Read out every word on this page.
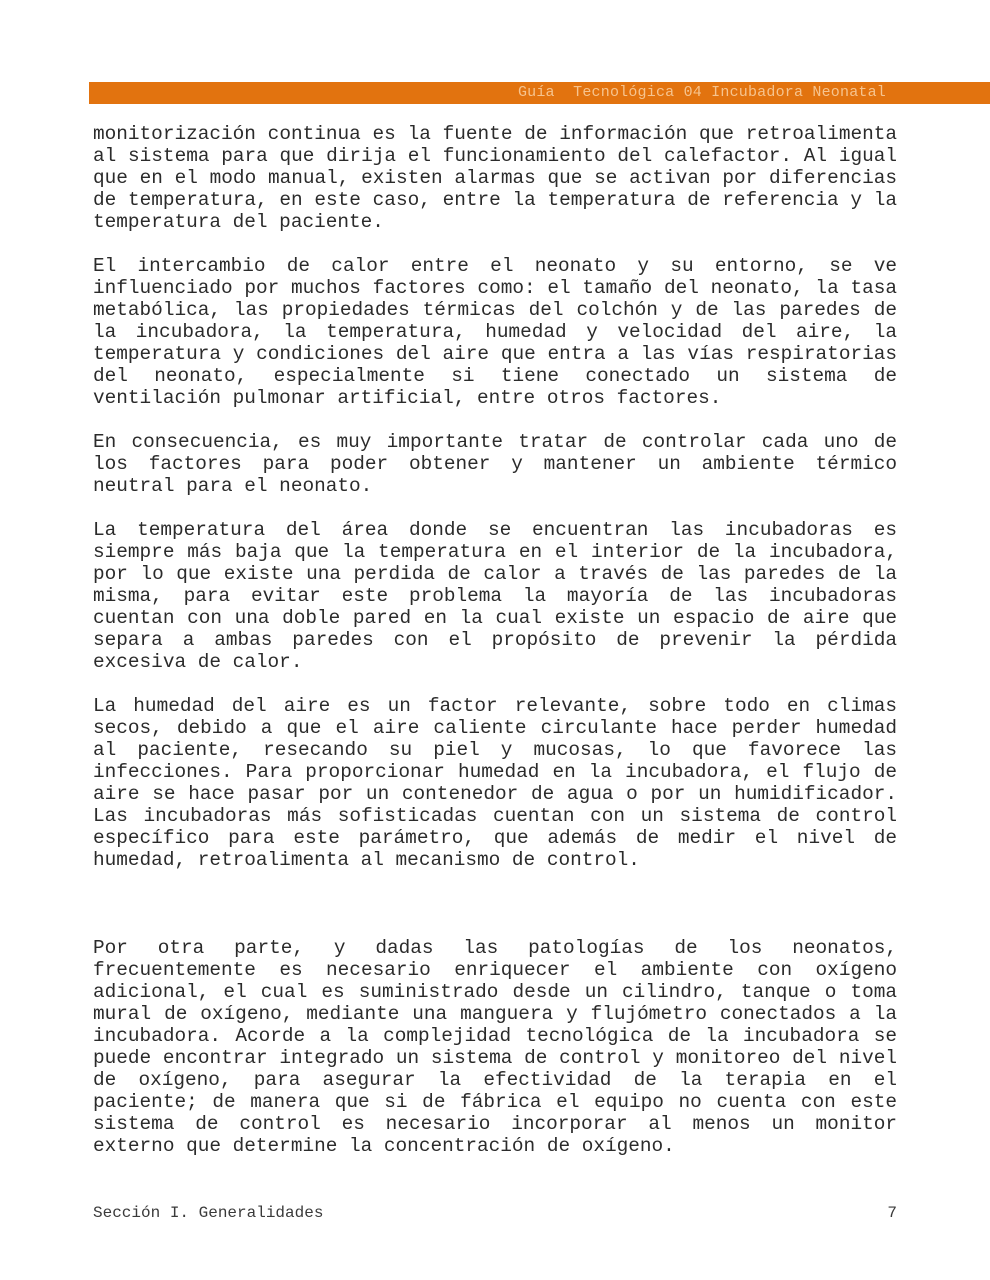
Guía  Tecnológica 04 Incubadora Neonatal

monitorización continua es la fuente de información que retroalimenta
al sistema para que dirija el funcionamiento del calefactor. Al igual
que en el modo manual, existen alarmas que se activan por diferencias
de temperatura, en este caso, entre la temperatura de referencia y la
temperatura del paciente.

El intercambio de calor entre el neonato y su entorno, se ve
influenciado por muchos factores como: el tamaño del neonato, la tasa
metabólica, las propiedades térmicas del colchón y de las paredes de
la incubadora, la temperatura, humedad y velocidad del aire, la
temperatura y condiciones del aire que entra a las vías respiratorias
del neonato, especialmente si tiene conectado un sistema de
ventilación pulmonar artificial, entre otros factores.

En consecuencia, es muy importante tratar de controlar cada uno de
los factores para poder obtener y mantener un ambiente térmico
neutral para el neonato.

La temperatura del área donde se encuentran las incubadoras es
siempre más baja que la temperatura en el interior de la incubadora,
por lo que existe una perdida de calor a través de las paredes de la
misma, para evitar este problema la mayoría de las incubadoras
cuentan con una doble pared en la cual existe un espacio de aire que
separa a ambas paredes con el propósito de prevenir la pérdida
excesiva de calor.

La humedad del aire es un factor relevante, sobre todo en climas
secos, debido a que el aire caliente circulante hace perder humedad
al paciente, resecando su piel y mucosas, lo que favorece las
infecciones. Para proporcionar humedad en la incubadora, el flujo de
aire se hace pasar por un contenedor de agua o por un humidificador.
Las incubadoras más sofisticadas cuentan con un sistema de control
específico para este parámetro, que además de medir el nivel de
humedad, retroalimenta al mecanismo de control.

Por otra parte, y dadas las patologías de los neonatos,
frecuentemente es necesario enriquecer el ambiente con oxígeno
adicional, el cual es suministrado desde un cilindro, tanque o toma
mural de oxígeno, mediante una manguera y flujómetro conectados a la
incubadora. Acorde a la complejidad tecnológica de la incubadora se
puede encontrar integrado un sistema de control y monitoreo del nivel
de oxígeno, para asegurar la efectividad de la terapia en el
paciente; de manera que si de fábrica el equipo no cuenta con este
sistema de control es necesario incorporar al menos un monitor
externo que determine la concentración de oxígeno.

Sección I. Generalidades	7
